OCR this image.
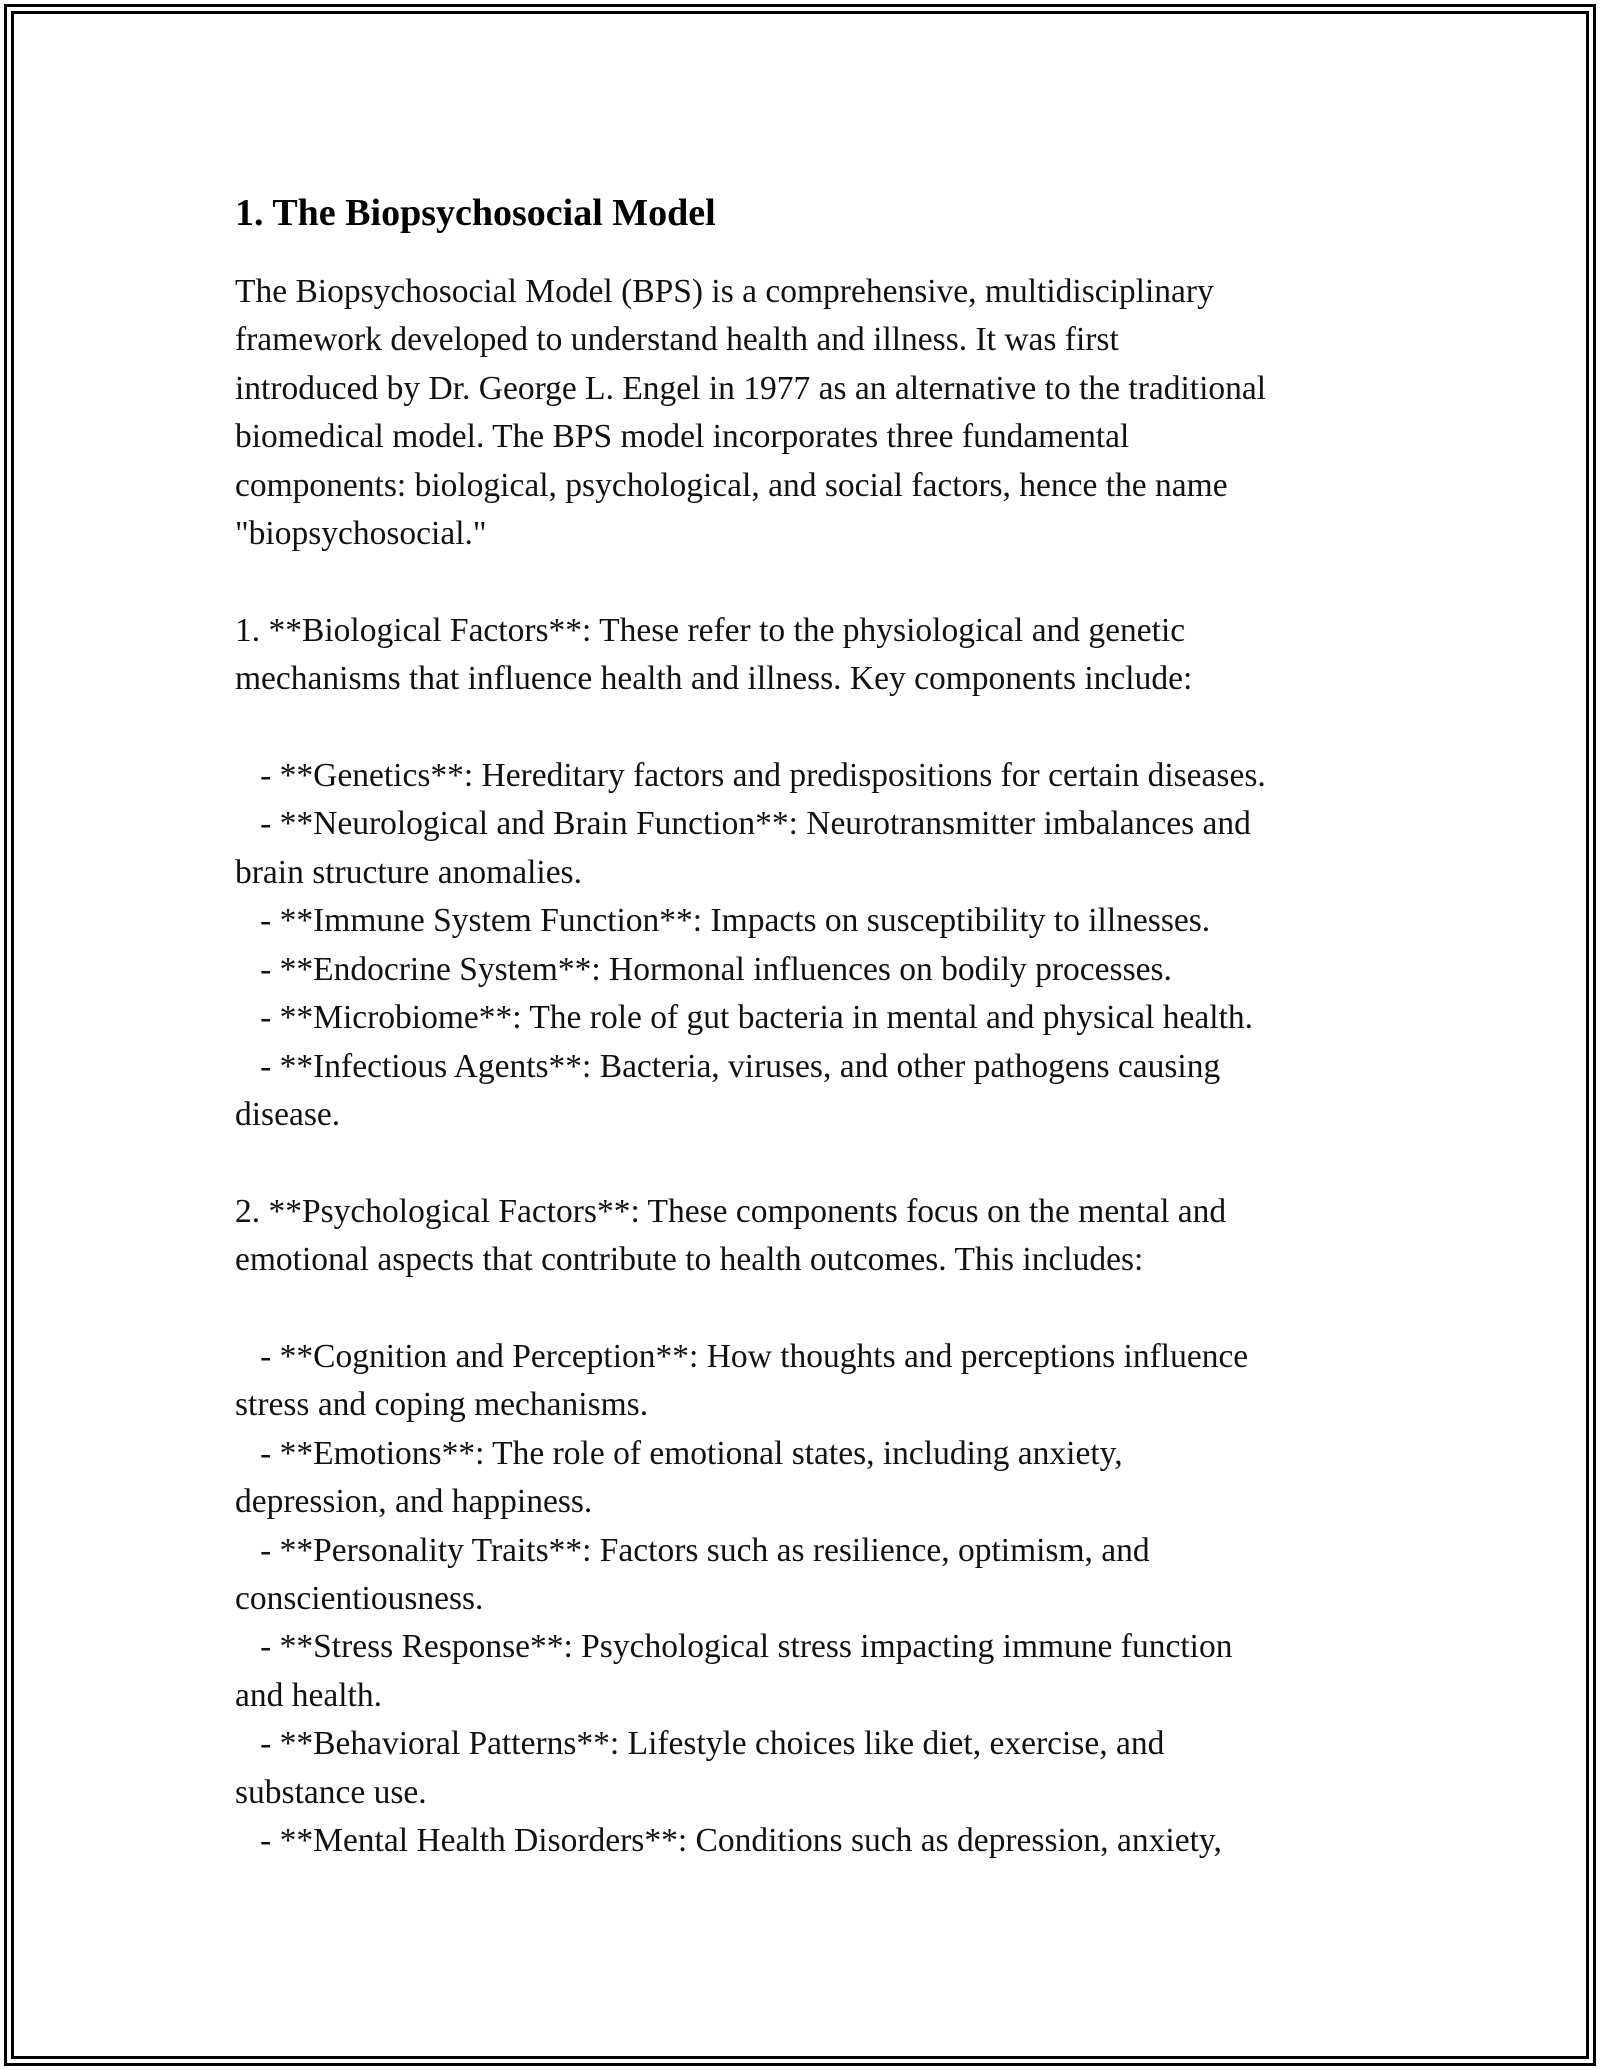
1. The Biopsychosocial Model
The Biopsychosocial Model (BPS) is a comprehensive, multidisciplinary
framework developed to understand health and illness. It was first
introduced by Dr. George L. Engel in 1977 as an alternative to the traditional
biomedical model. The BPS model incorporates three fundamental
components: biological, psychological, and social factors, hence the name
"biopsychosocial."

1. **Biological Factors**: These refer to the physiological and genetic
mechanisms that influence health and illness. Key components include:

- **Genetics**: Hereditary factors and predispositions for certain diseases.
- **Neurological and Brain Function**: Neurotransmitter imbalances and
brain structure anomalies.
- **Immune System Function**: Impacts on susceptibility to illnesses.
- **Endocrine System**: Hormonal influences on bodily processes.
- **Microbiome**: The role of gut bacteria in mental and physical health.
- **Infectious Agents**: Bacteria, viruses, and other pathogens causing
disease.

2. **Psychological Factors**: These components focus on the mental and
emotional aspects that contribute to health outcomes. This includes:

- **Cognition and Perception**: How thoughts and perceptions influence
stress and coping mechanisms.
- **Emotions**: The role of emotional states, including anxiety,
depression, and happiness.
- **Personality Traits**: Factors such as resilience, optimism, and
conscientiousness.
- **Stress Response**: Psychological stress impacting immune function
and health.
- **Behavioral Patterns**: Lifestyle choices like diet, exercise, and
substance use.
- **Mental Health Disorders**: Conditions such as depression, anxiety,
